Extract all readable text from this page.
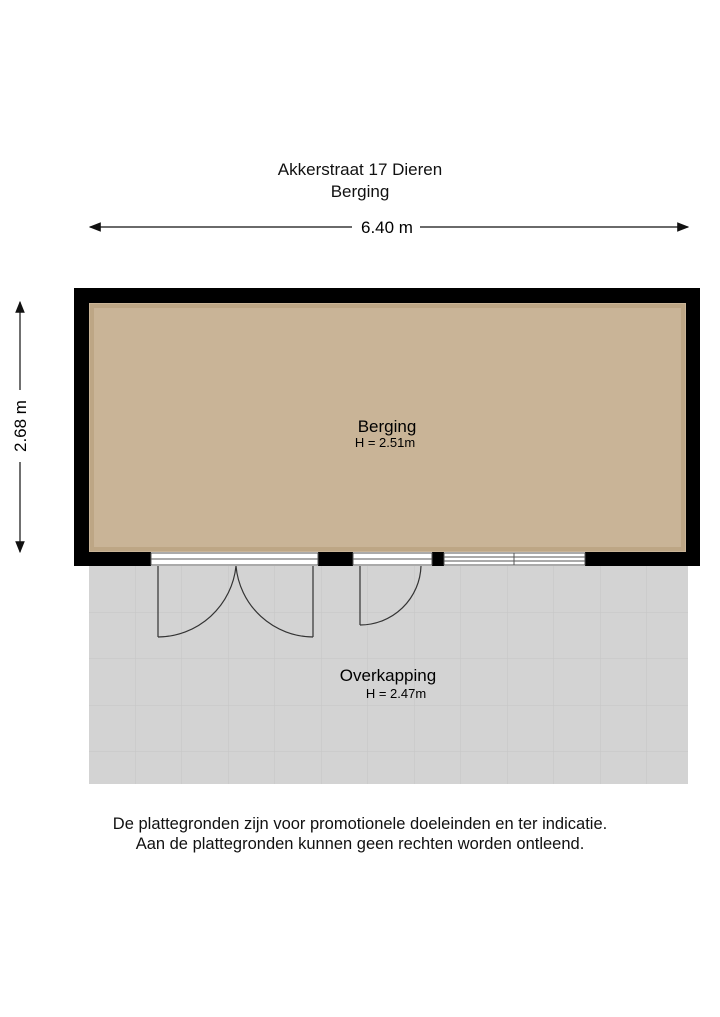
Akkerstraat 17 Dieren
Berging
6.40 m
2.68 m	Berging
H = 2.51m
Overkapping
H = 2.47m
De plattegronden zijn voor promotionele doeleinden en ter indicatie.
Aan de plattegronden kunnen geen rechten worden ontleend.
